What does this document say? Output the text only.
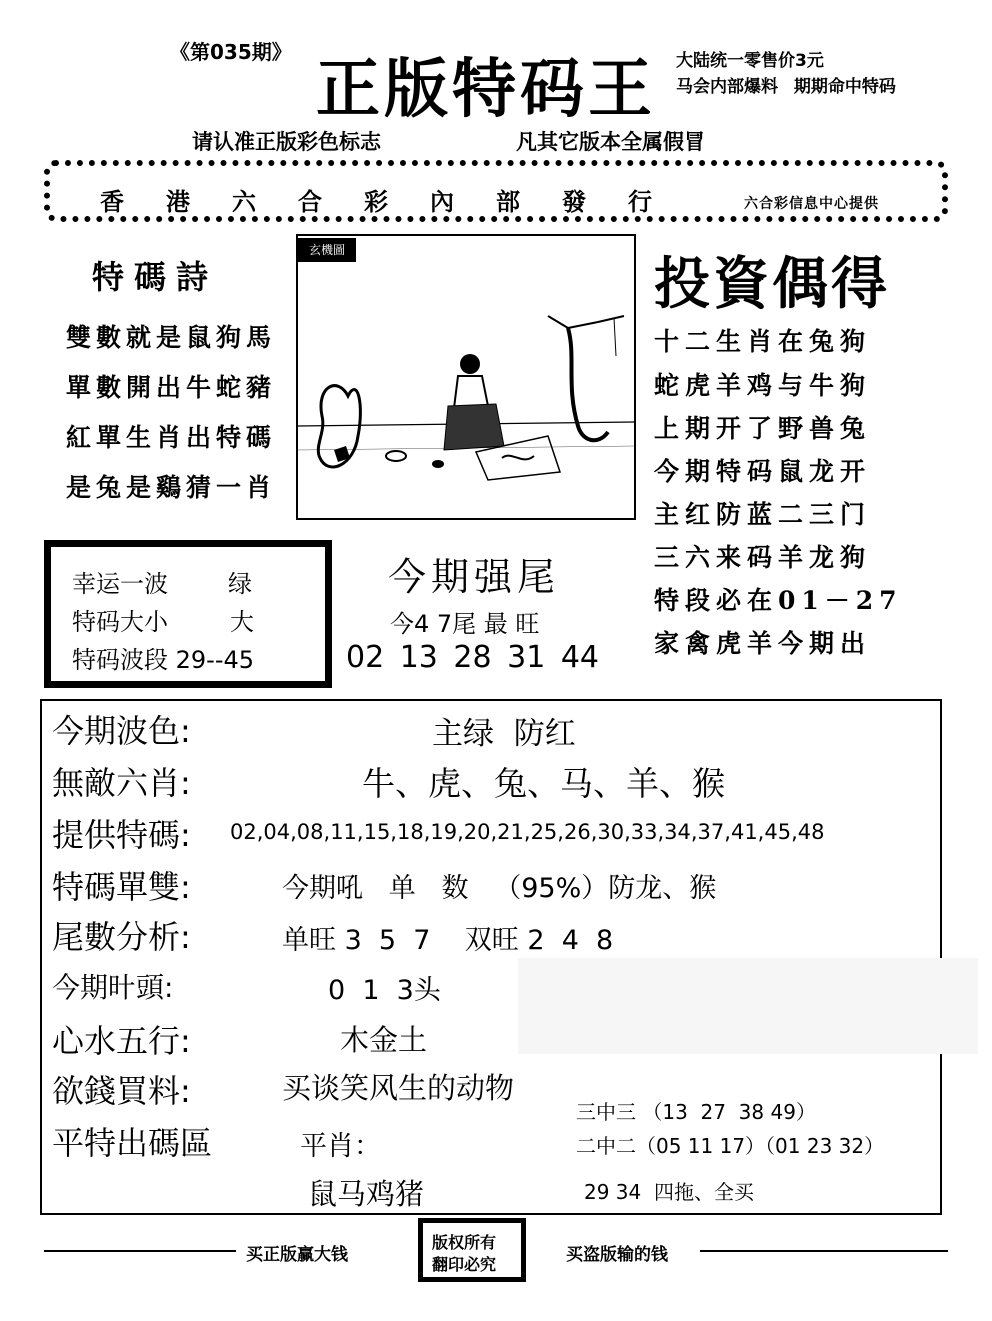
《第035期》 正版特码王 大陆统一零售价3元
马会内部爆料 期期命中特码
请认准正版彩色标志	凡其它版本全属假冒
香港六合彩內部發行	六合彩信息中心提供
特碼詩
雙數就是鼠狗馬
單數開出牛蛇豬
紅單生肖出特碼
是兔是鷄猜一肖
玄機圖
投資偶得
十二生肖在兔狗
蛇虎羊鸡与牛狗
上期开了野兽兔
今期特码鼠龙开
主红防蓝二三门
三六来码羊龙狗
特段必在01－27
家禽虎羊今期出
幸运一波	绿
特码大小	大
特码波段 29--45
今期强尾
今4 7尾 最 旺
02 13 28 31 44
今期波色:	主绿  防红
無敵六肖:	牛、虎、兔、马、羊、猴
提供特碼: 02,04,08,11,15,18,19,20,21,25,26,30,33,34,37,41,45,48
特碼單雙:	今期吼   单   数   （95%）防龙、猴
尾數分析:	单旺 3  5  7    双旺 2  4  8
今期旪頭:	0  1  3头
心水五行:	木金土
欲錢買料:	买谈笑风生的动物
平特出碼區	平肖：
鼠马鸡猪
三中三 （13  27  38 49）
二中二（05 11 17）（01 23 32）
29 34  四拖、全买
买正版赢大钱	买盗版输的钱
版权所有
翻印必究
